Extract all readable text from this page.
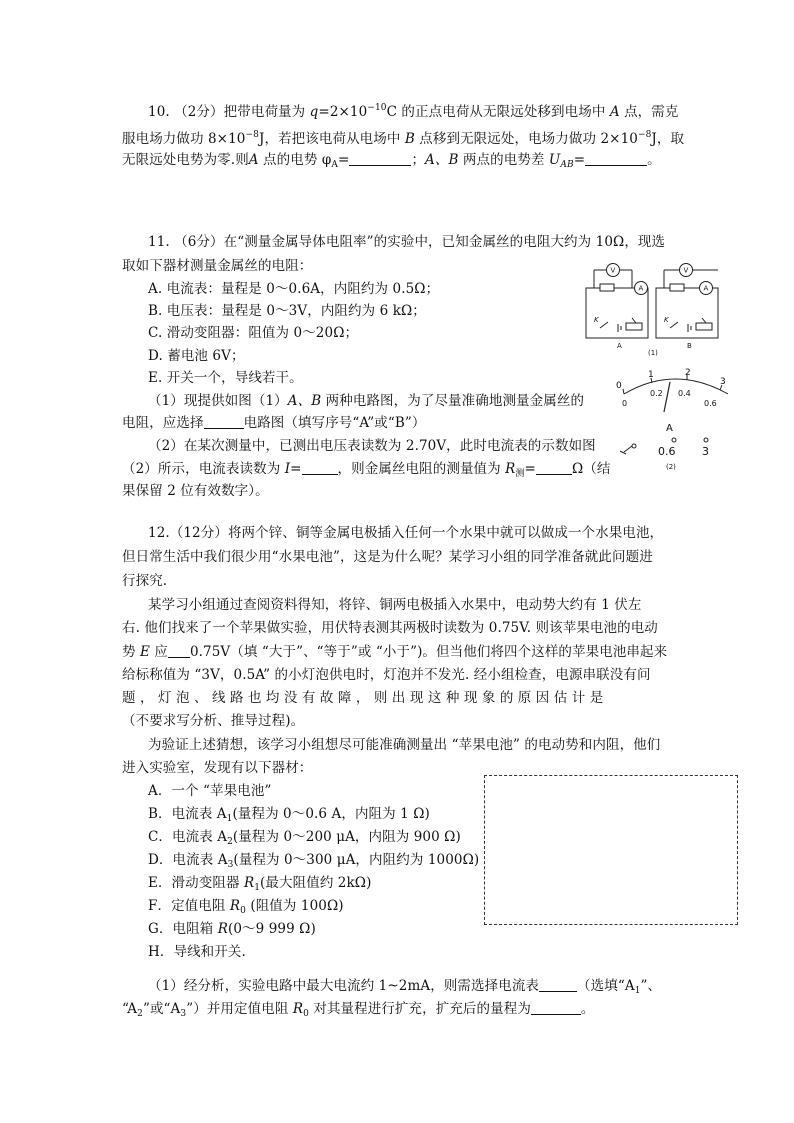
10. （2分）把带电荷量为 $q=2\times 10^{-10}C$ 的正点电荷从无限远处移到电场中 A 点，需克
服电场力做功 $8\times 10^{-8}J$，若把该电荷从电场中 B 点移到无限远处，电场力做功 $2\times 10^{-8}J$，取
无限远处电势为零.则A 点的电势 $\varphi_A=$	；A、B 两点的电势差 $U_{AB}=$	。
11. （6分）在“测量金属导体电阻率”的实验中，已知金属丝的电阻大约为 10Ω，现选
取如下器材测量金属丝的电阻：
A. 电流表：量程是 0～0.6A，内阻约为 0.5Ω；
B. 电压表：量程是 0～3V，内阻约为 6 kΩ；
C. 滑动变阻器：阻值为 0～20Ω；
D. 蓄电池 6V；
E. 开关一个，导线若干。
（1）现提供如图（1）A、B 两种电路图，为了尽量准确地测量金属丝的
电阻，应选择	电路图（填写序号“A”或“B”）
（2）在某次测量中，已测出电压表读数为 2.70V，此时电流表的示数如图
（2）所示，电流表读数为 I=	，则金属丝电阻的测量值为 $R_测=$	Ω（结
果保留 2 位有效数字）。
V
A
V
A
K	K
A	B
(1)
0
1	2
3
0
0.2 0.4
0.6
A
0.6 3
(2)
12.（12分）将两个锌、铜等金属电极插入任何一个水果中就可以做成一个水果电池，
但日常生活中我们很少用“水果电池”，这是为什么呢？某学习小组的同学准备就此问题进
行探究.
某学习小组通过查阅资料得知，将锌、铜两电极插入水果中，电动势大约有 1 伏左
右. 他们找来了一个苹果做实验，用伏特表测其两极时读数为 0.75V. 则该苹果电池的电动
势 E 应 0.75V（填 “大于”、“等于”或 “小于”)。但当他们将四个这样的苹果电池串起来
给标称值为 “3V，0.5A” 的小灯泡供电时，灯泡并不发光. 经小组检查，电源串联没有问
题 ， 灯 泡 、 线 路 也 均 没 有 故 障 ， 则 出 现 这 种 现 象 的 原 因 估 计 是
（不要求写分析、推导过程)。
为验证上述猜想，该学习小组想尽可能准确测量出 “苹果电池” 的电动势和内阻，他们
进入实验室，发现有以下器材：
A．一个 “苹果电池”
B．电流表 $A_1$(量程为 0～0.6 A，内阻为 1 Ω)
C．电流表 $A_2$(量程为 0～200 μA，内阻为 900 Ω)
D．电流表 $A_3$(量程为 0～300 μA，内阻约为 1000Ω)
E．滑动变阻器 $R_1$(最大阻值约 2kΩ)
F．定值电阻 $R_0$ (阻值为 100Ω)
G．电阻箱 R(0～9 999 Ω)
H．导线和开关.
（1）经分析，实验电路中最大电流约 1~2mA，则需选择电流表	（选填“$A_1$”、
“$A_2$”或“$A_3$”）并用定值电阻 $R_0$ 对其量程进行扩充，扩充后的量程为	。
